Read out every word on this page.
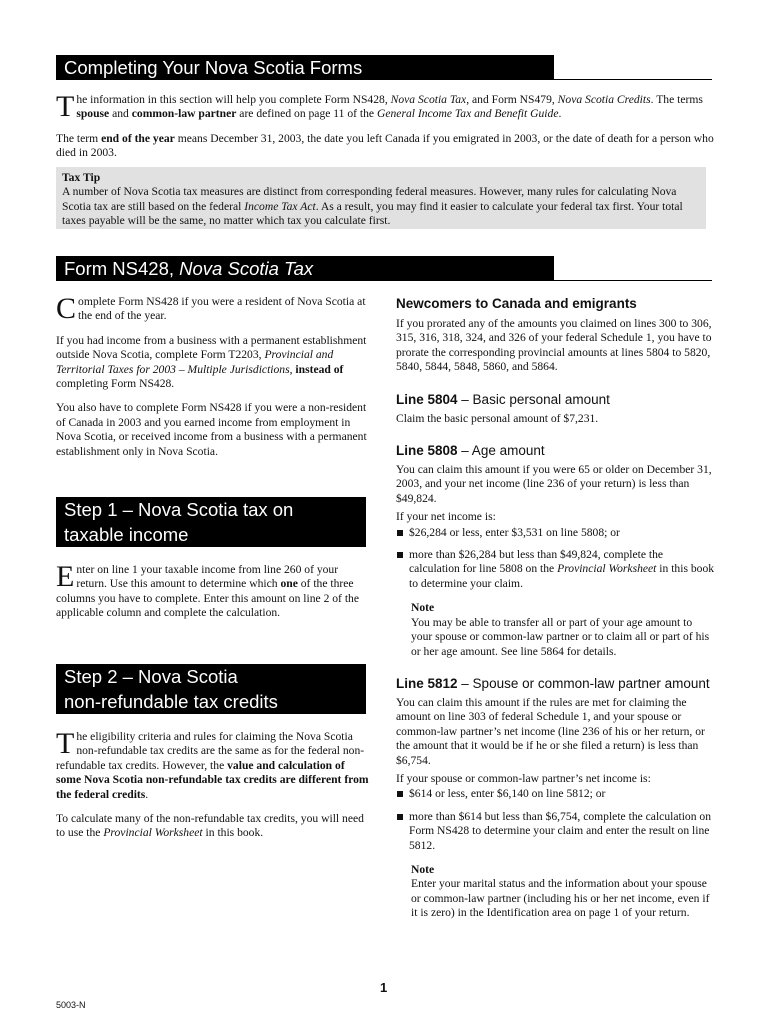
Completing Your Nova Scotia Forms

The information in this section will help you complete Form NS428, Nova Scotia Tax, and Form NS479, Nova Scotia Credits. The terms spouse and common-law partner are defined on page 11 of the General Income Tax and Benefit Guide.

The term end of the year means December 31, 2003, the date you left Canada if you emigrated in 2003, or the date of death for a person who died in 2003.

Tax Tip
A number of Nova Scotia tax measures are distinct from corresponding federal measures. However, many rules for calculating Nova Scotia tax are still based on the federal Income Tax Act. As a result, you may find it easier to calculate your federal tax first. Your total taxes payable will be the same, no matter which tax you calculate first.
Form NS428, Nova Scotia Tax

Complete Form NS428 if you were a resident of Nova Scotia at the end of the year.

If you had income from a business with a permanent establishment outside Nova Scotia, complete Form T2203, Provincial and Territorial Taxes for 2003 – Multiple Jurisdictions, instead of completing Form NS428.

You also have to complete Form NS428 if you were a non-resident of Canada in 2003 and you earned income from employment in Nova Scotia, or received income from a business with a permanent establishment only in Nova Scotia.

Step 1 – Nova Scotia tax on
taxable income

Enter on line 1 your taxable income from line 260 of your return. Use this amount to determine which one of the three columns you have to complete. Enter this amount on line 2 of the applicable column and complete the calculation.

Step 2 – Nova Scotia
non-refundable tax credits

The eligibility criteria and rules for claiming the Nova Scotia non-refundable tax credits are the same as for the federal non-refundable tax credits. However, the value and calculation of some Nova Scotia non-refundable tax credits are different from the federal credits.

To calculate many of the non-refundable tax credits, you will need to use the Provincial Worksheet in this book.

Newcomers to Canada and emigrants

If you prorated any of the amounts you claimed on lines 300 to 306, 315, 316, 318, 324, and 326 of your federal Schedule 1, you have to prorate the corresponding provincial amounts at lines 5804 to 5820, 5840, 5844, 5848, 5860, and 5864.

Line 5804 – Basic personal amount

Claim the basic personal amount of $7,231.

Line 5808 – Age amount

You can claim this amount if you were 65 or older on December 31, 2003, and your net income (line 236 of your return) is less than $49,824.

If your net income is:

$26,284 or less, enter $3,531 on line 5808; or

more than $26,284 but less than $49,824, complete the calculation for line 5808 on the Provincial Worksheet in this book to determine your claim.

Note
You may be able to transfer all or part of your age amount to your spouse or common-law partner or to claim all or part of his or her age amount. See line 5864 for details.
Line 5812 – Spouse or common-law partner amount

You can claim this amount if the rules are met for claiming the amount on line 303 of federal Schedule 1, and your spouse or common-law partner’s net income (line 236 of his or her return, or the amount that it would be if he or she filed a return) is less than $6,754.

If your spouse or common-law partner’s net income is:

$614 or less, enter $6,140 on line 5812; or

more than $614 but less than $6,754, complete the calculation on Form NS428 to determine your claim and enter the result on line 5812.

Note
Enter your marital status and the information about your spouse or common-law partner (including his or her net income, even if it is zero) in the Identification area on page 1 of your return.
1
5003-N
